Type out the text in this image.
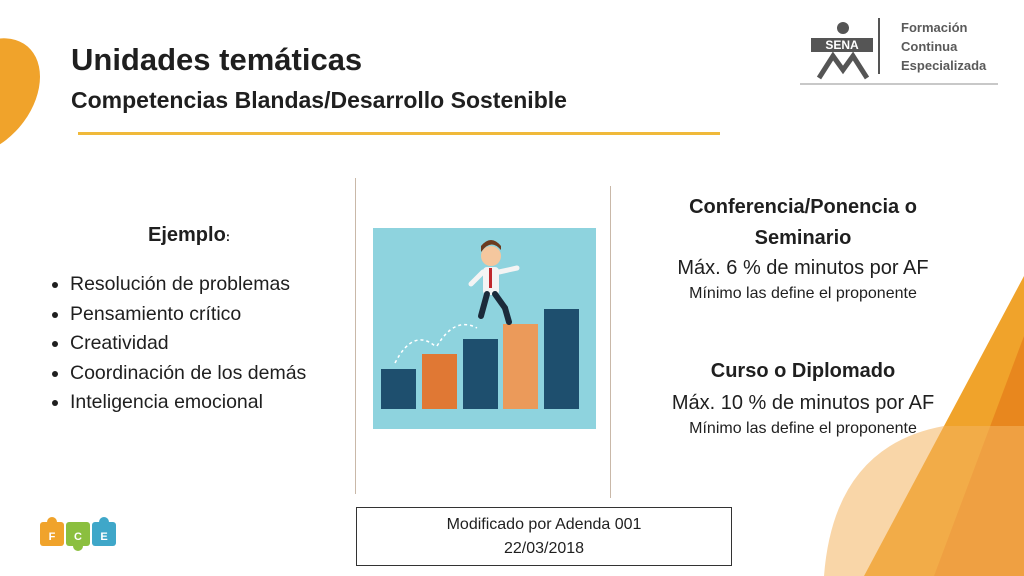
Unidades temáticas
Competencias Blandas/Desarrollo Sostenible
SENA
Formación
Continua
Especializada
Ejemplo:
• Resolución de problemas
• Pensamiento crítico
• Creatividad
• Coordinación de los demás
• Inteligencia emocional
Conferencia/Ponencia o
Seminario
Máx. 6 % de minutos por AF
Mínimo las define el proponente
Curso o Diplomado
Máx. 10 % de minutos por AF
Mínimo las define el proponente
Modificado por Adenda 001
22/03/2018
F C E
